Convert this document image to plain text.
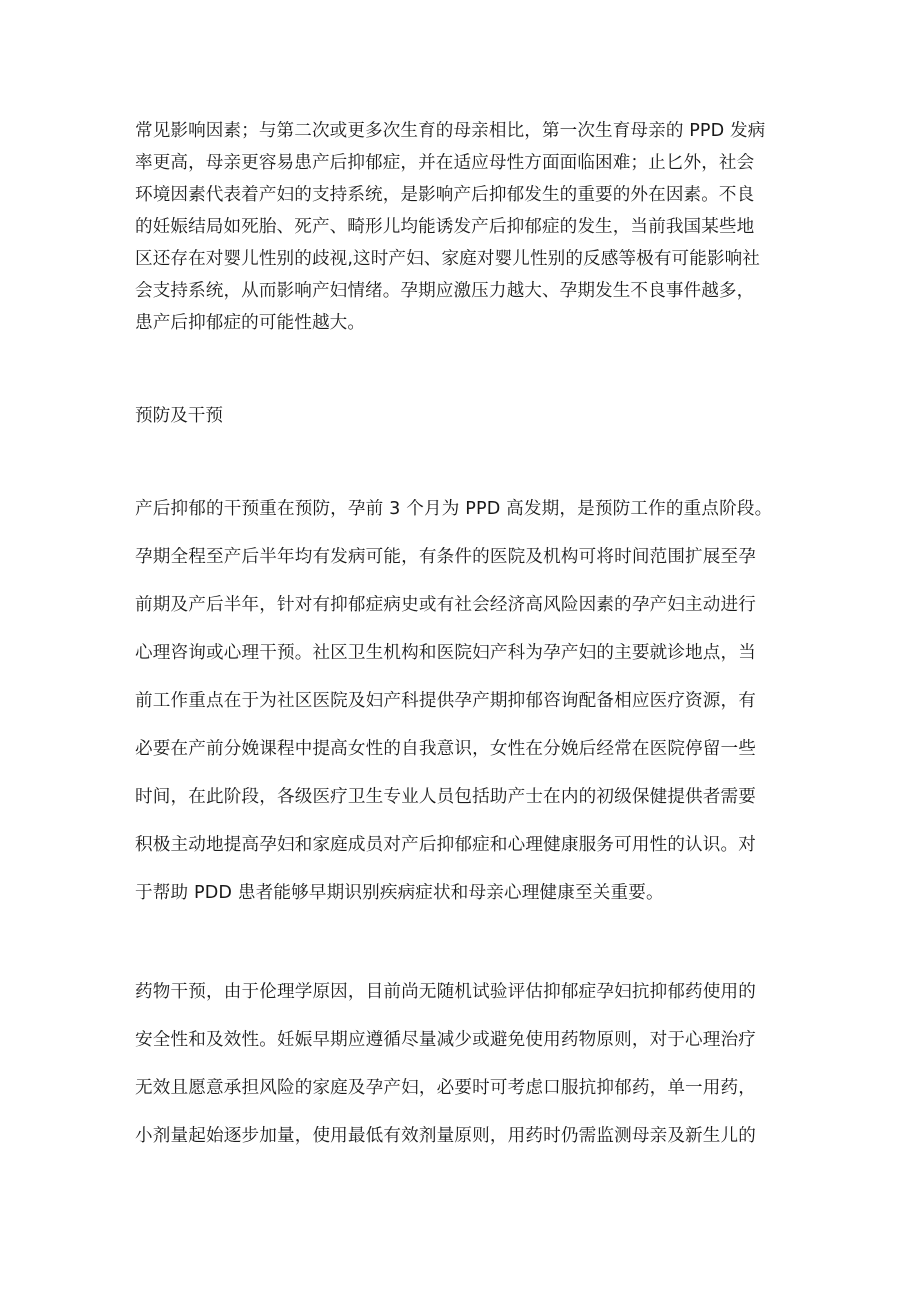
常见影响因素；与第二次或更多次生育的母亲相比，第一次生育母亲的 PPD 发病
率更高，母亲更容易患产后抑郁症，并在适应母性方面面临困难；止匕外，社会
环境因素代表着产妇的支持系统，是影响产后抑郁发生的重要的外在因素。不良
的妊娠结局如死胎、死产、畸形儿均能诱发产后抑郁症的发生，当前我国某些地
区还存在对婴儿性别的歧视,这时产妇、家庭对婴儿性别的反感等极有可能影响社
会支持系统，从而影响产妇情绪。孕期应激压力越大、孕期发生不良事件越多，
患产后抑郁症的可能性越大。
预防及干预
产后抑郁的干预重在预防，孕前 3 个月为 PPD 高发期，是预防工作的重点阶段。
孕期全程至产后半年均有发病可能，有条件的医院及机构可将时间范围扩展至孕
前期及产后半年，针对有抑郁症病史或有社会经济高风险因素的孕产妇主动进行
心理咨询或心理干预。社区卫生机构和医院妇产科为孕产妇的主要就诊地点，当
前工作重点在于为社区医院及妇产科提供孕产期抑郁咨询配备相应医疗资源，有
必要在产前分娩课程中提高女性的自我意识，女性在分娩后经常在医院停留一些
时间，在此阶段，各级医疗卫生专业人员包括助产士在内的初级保健提供者需要
积极主动地提高孕妇和家庭成员对产后抑郁症和心理健康服务可用性的认识。对
于帮助 PDD 患者能够早期识别疾病症状和母亲心理健康至关重要。
药物干预，由于伦理学原因，目前尚无随机试验评估抑郁症孕妇抗抑郁药使用的
安全性和及效性。妊娠早期应遵循尽量减少或避免使用药物原则，对于心理治疗
无效且愿意承担风险的家庭及孕产妇，必要时可考虑口服抗抑郁药，单一用药，
小剂量起始逐步加量，使用最低有效剂量原则，用药时仍需监测母亲及新生儿的
